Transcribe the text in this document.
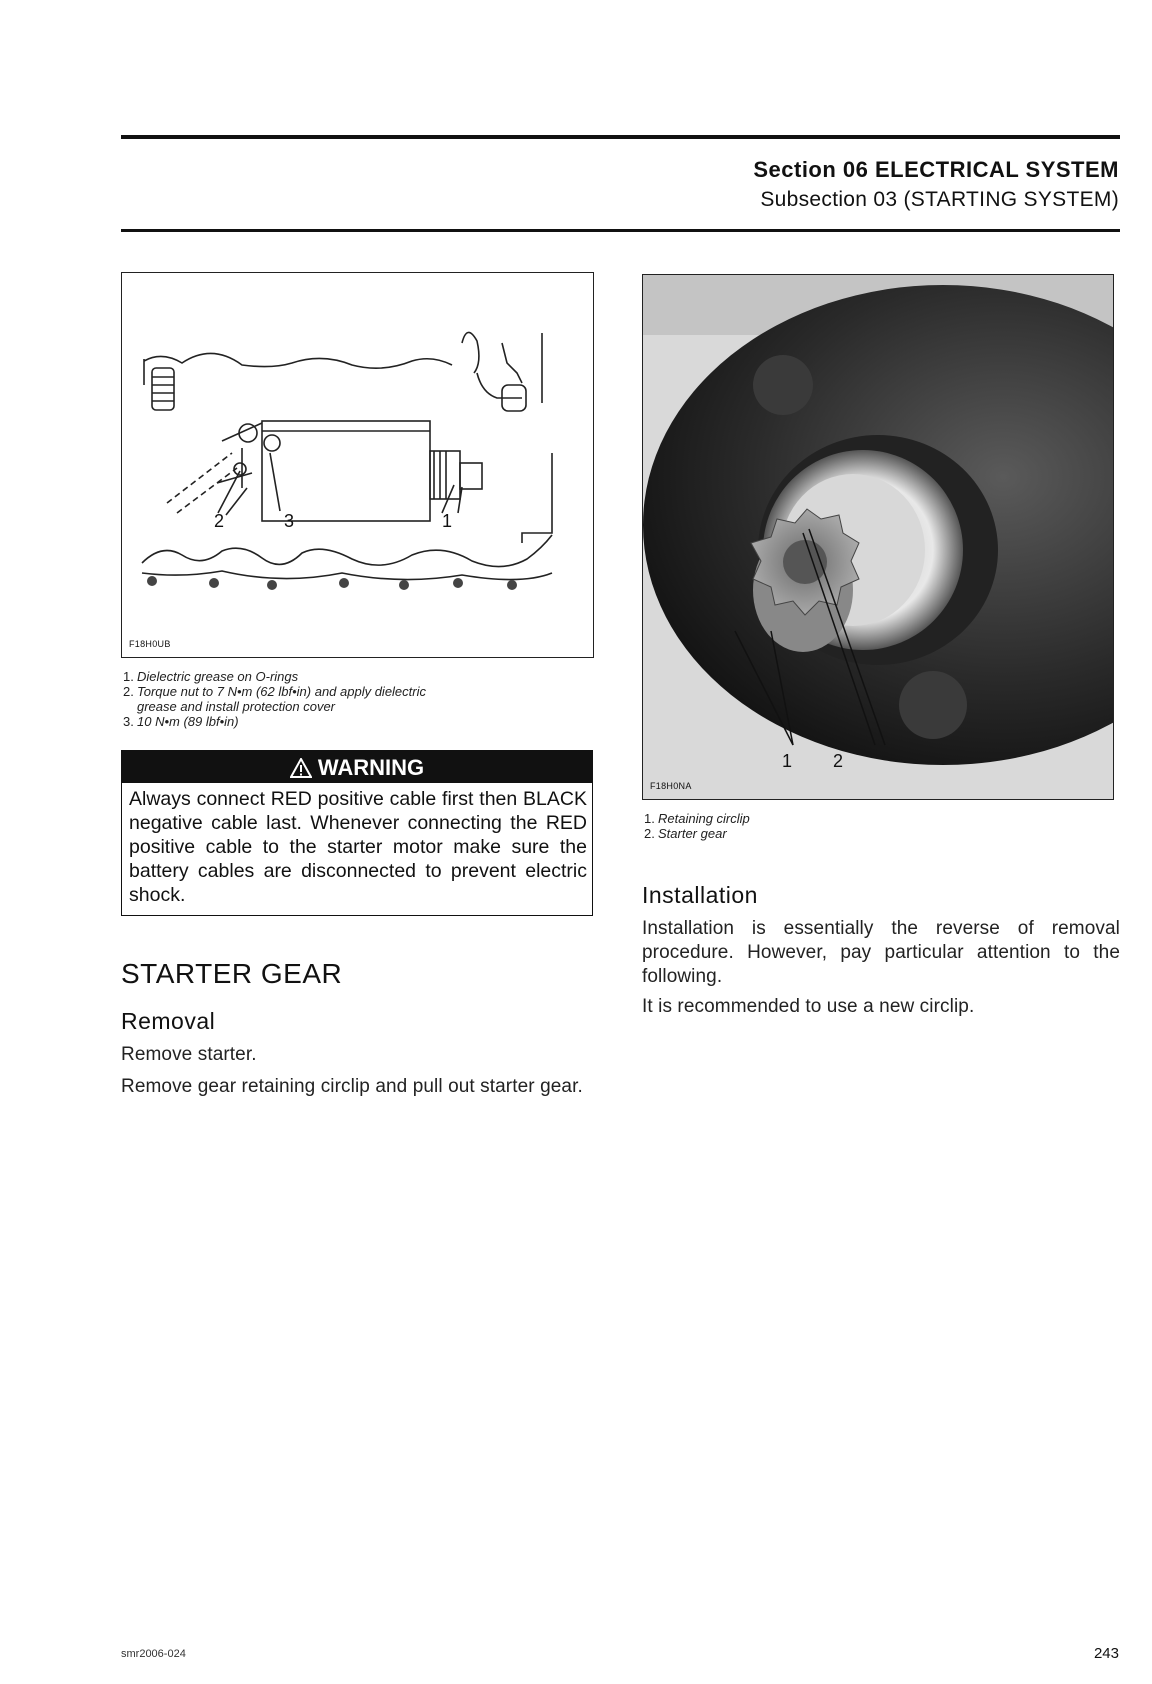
Section 06 ELECTRICAL SYSTEM
Subsection 03 (STARTING SYSTEM)
2	3	1
F18H0UB
1. Dielectric grease on O-rings
2. Torque nut to 7 N•m (62 lbf•in) and apply dielectric
grease and install protection cover
3. 10 N•m (89 lbf•in)
WARNING
Always connect RED positive cable first then BLACK negative cable last. Whenever connecting the RED positive cable to the starter motor make sure the battery cables are disconnected to prevent electric shock.
STARTER GEAR
Removal
Remove starter.
Remove gear retaining circlip and pull out starter gear.
1 2
F18H0NA
1. Retaining circlip
2. Starter gear
Installation
Installation is essentially the reverse of removal procedure. However, pay particular attention to the following.
It is recommended to use a new circlip.
smr2006-024	243
